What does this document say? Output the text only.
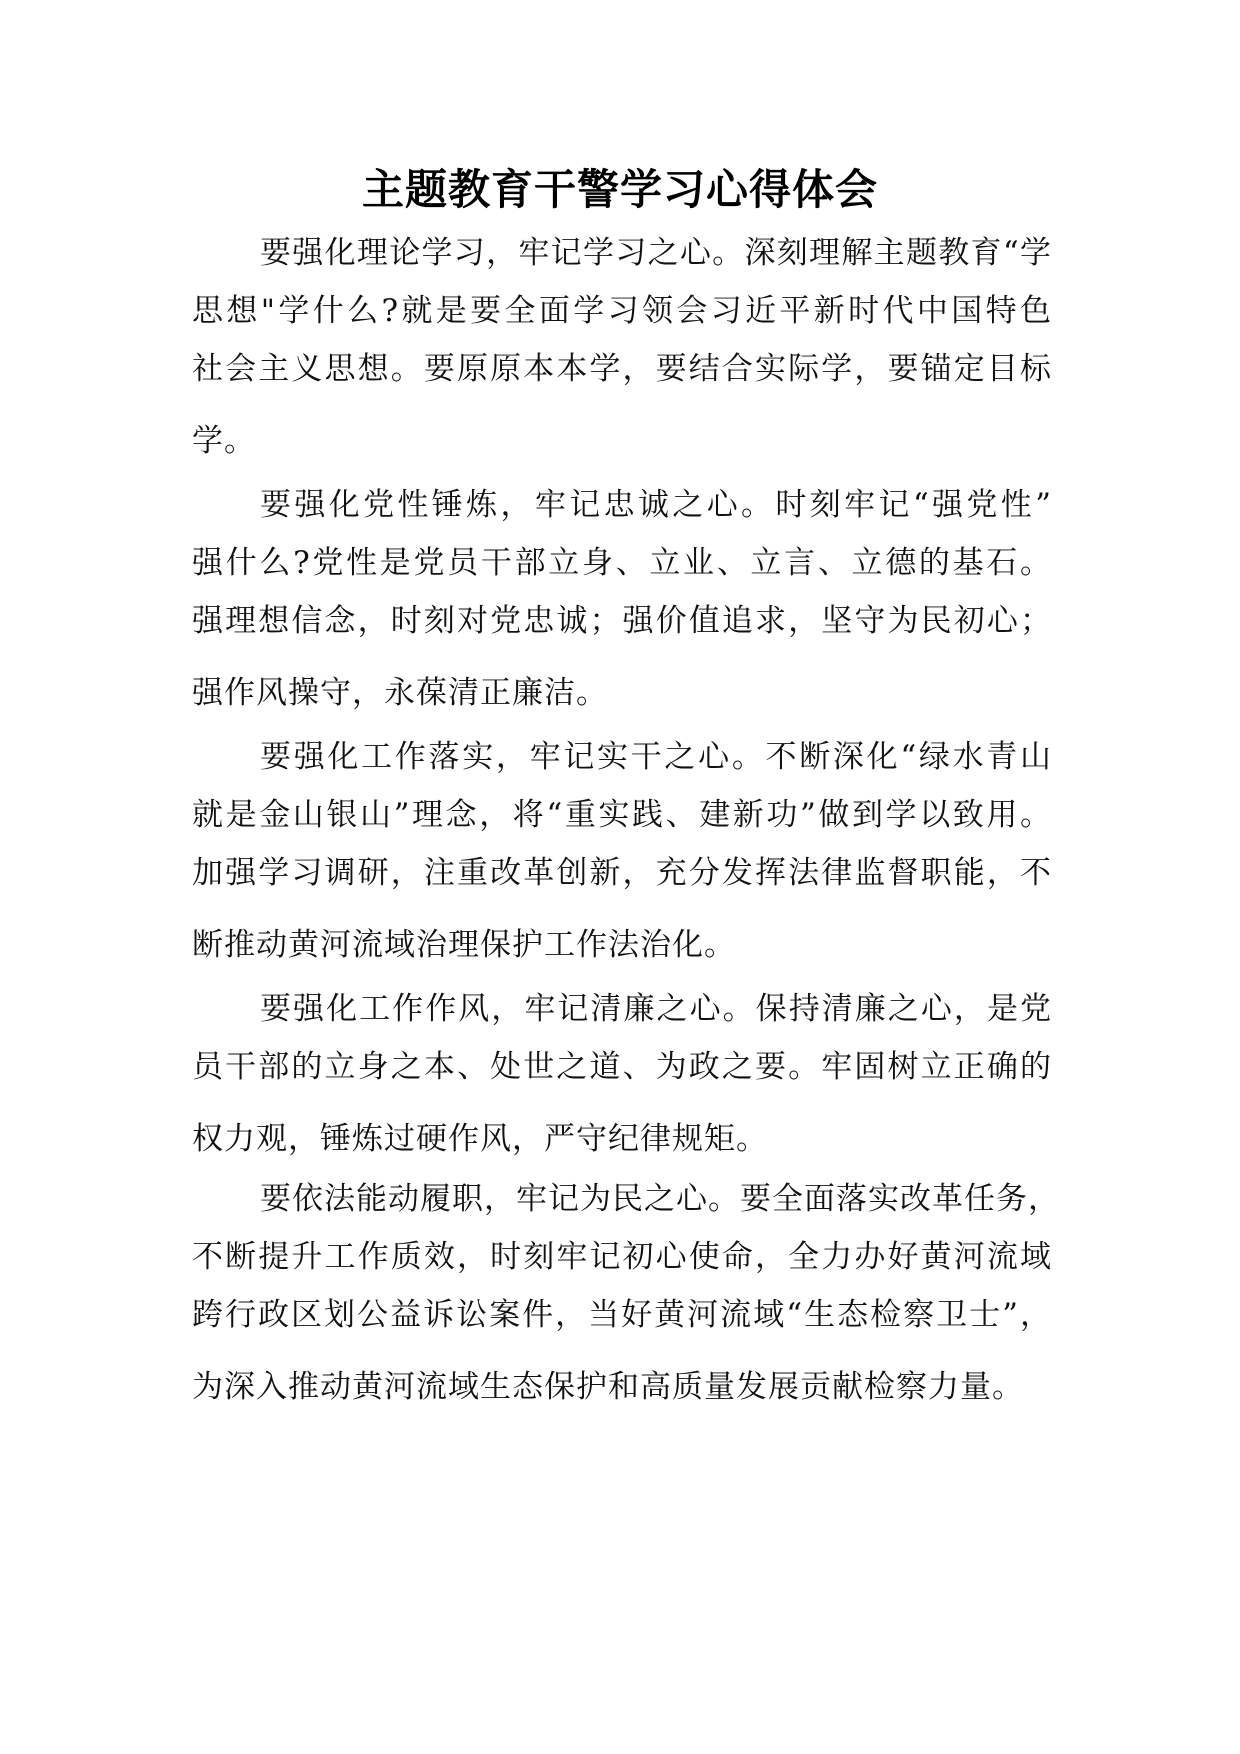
主题教育干警学习心得体会
要强化理论学习，牢记学习之心。深刻理解主题教育“学
思想"学什么?就是要全面学习领会习近平新时代中国特色
社会主义思想。要原原本本学，要结合实际学，要锚定目标
学。
要强化党性锤炼，牢记忠诚之心。时刻牢记“强党性”
强什么?党性是党员干部立身、立业、立言、立德的基石。
强理想信念，时刻对党忠诚；强价值追求，坚守为民初心；
强作风操守，永葆清正廉洁。
要强化工作落实，牢记实干之心。不断深化“绿水青山
就是金山银山”理念，将“重实践、建新功”做到学以致用。
加强学习调研，注重改革创新，充分发挥法律监督职能，不
断推动黄河流域治理保护工作法治化。
要强化工作作风，牢记清廉之心。保持清廉之心，是党
员干部的立身之本、处世之道、为政之要。牢固树立正确的
权力观，锤炼过硬作风，严守纪律规矩。
要依法能动履职，牢记为民之心。要全面落实改革任务，
不断提升工作质效，时刻牢记初心使命，全力办好黄河流域
跨行政区划公益诉讼案件，当好黄河流域“生态检察卫士”，
为深入推动黄河流域生态保护和高质量发展贡献检察力量。
